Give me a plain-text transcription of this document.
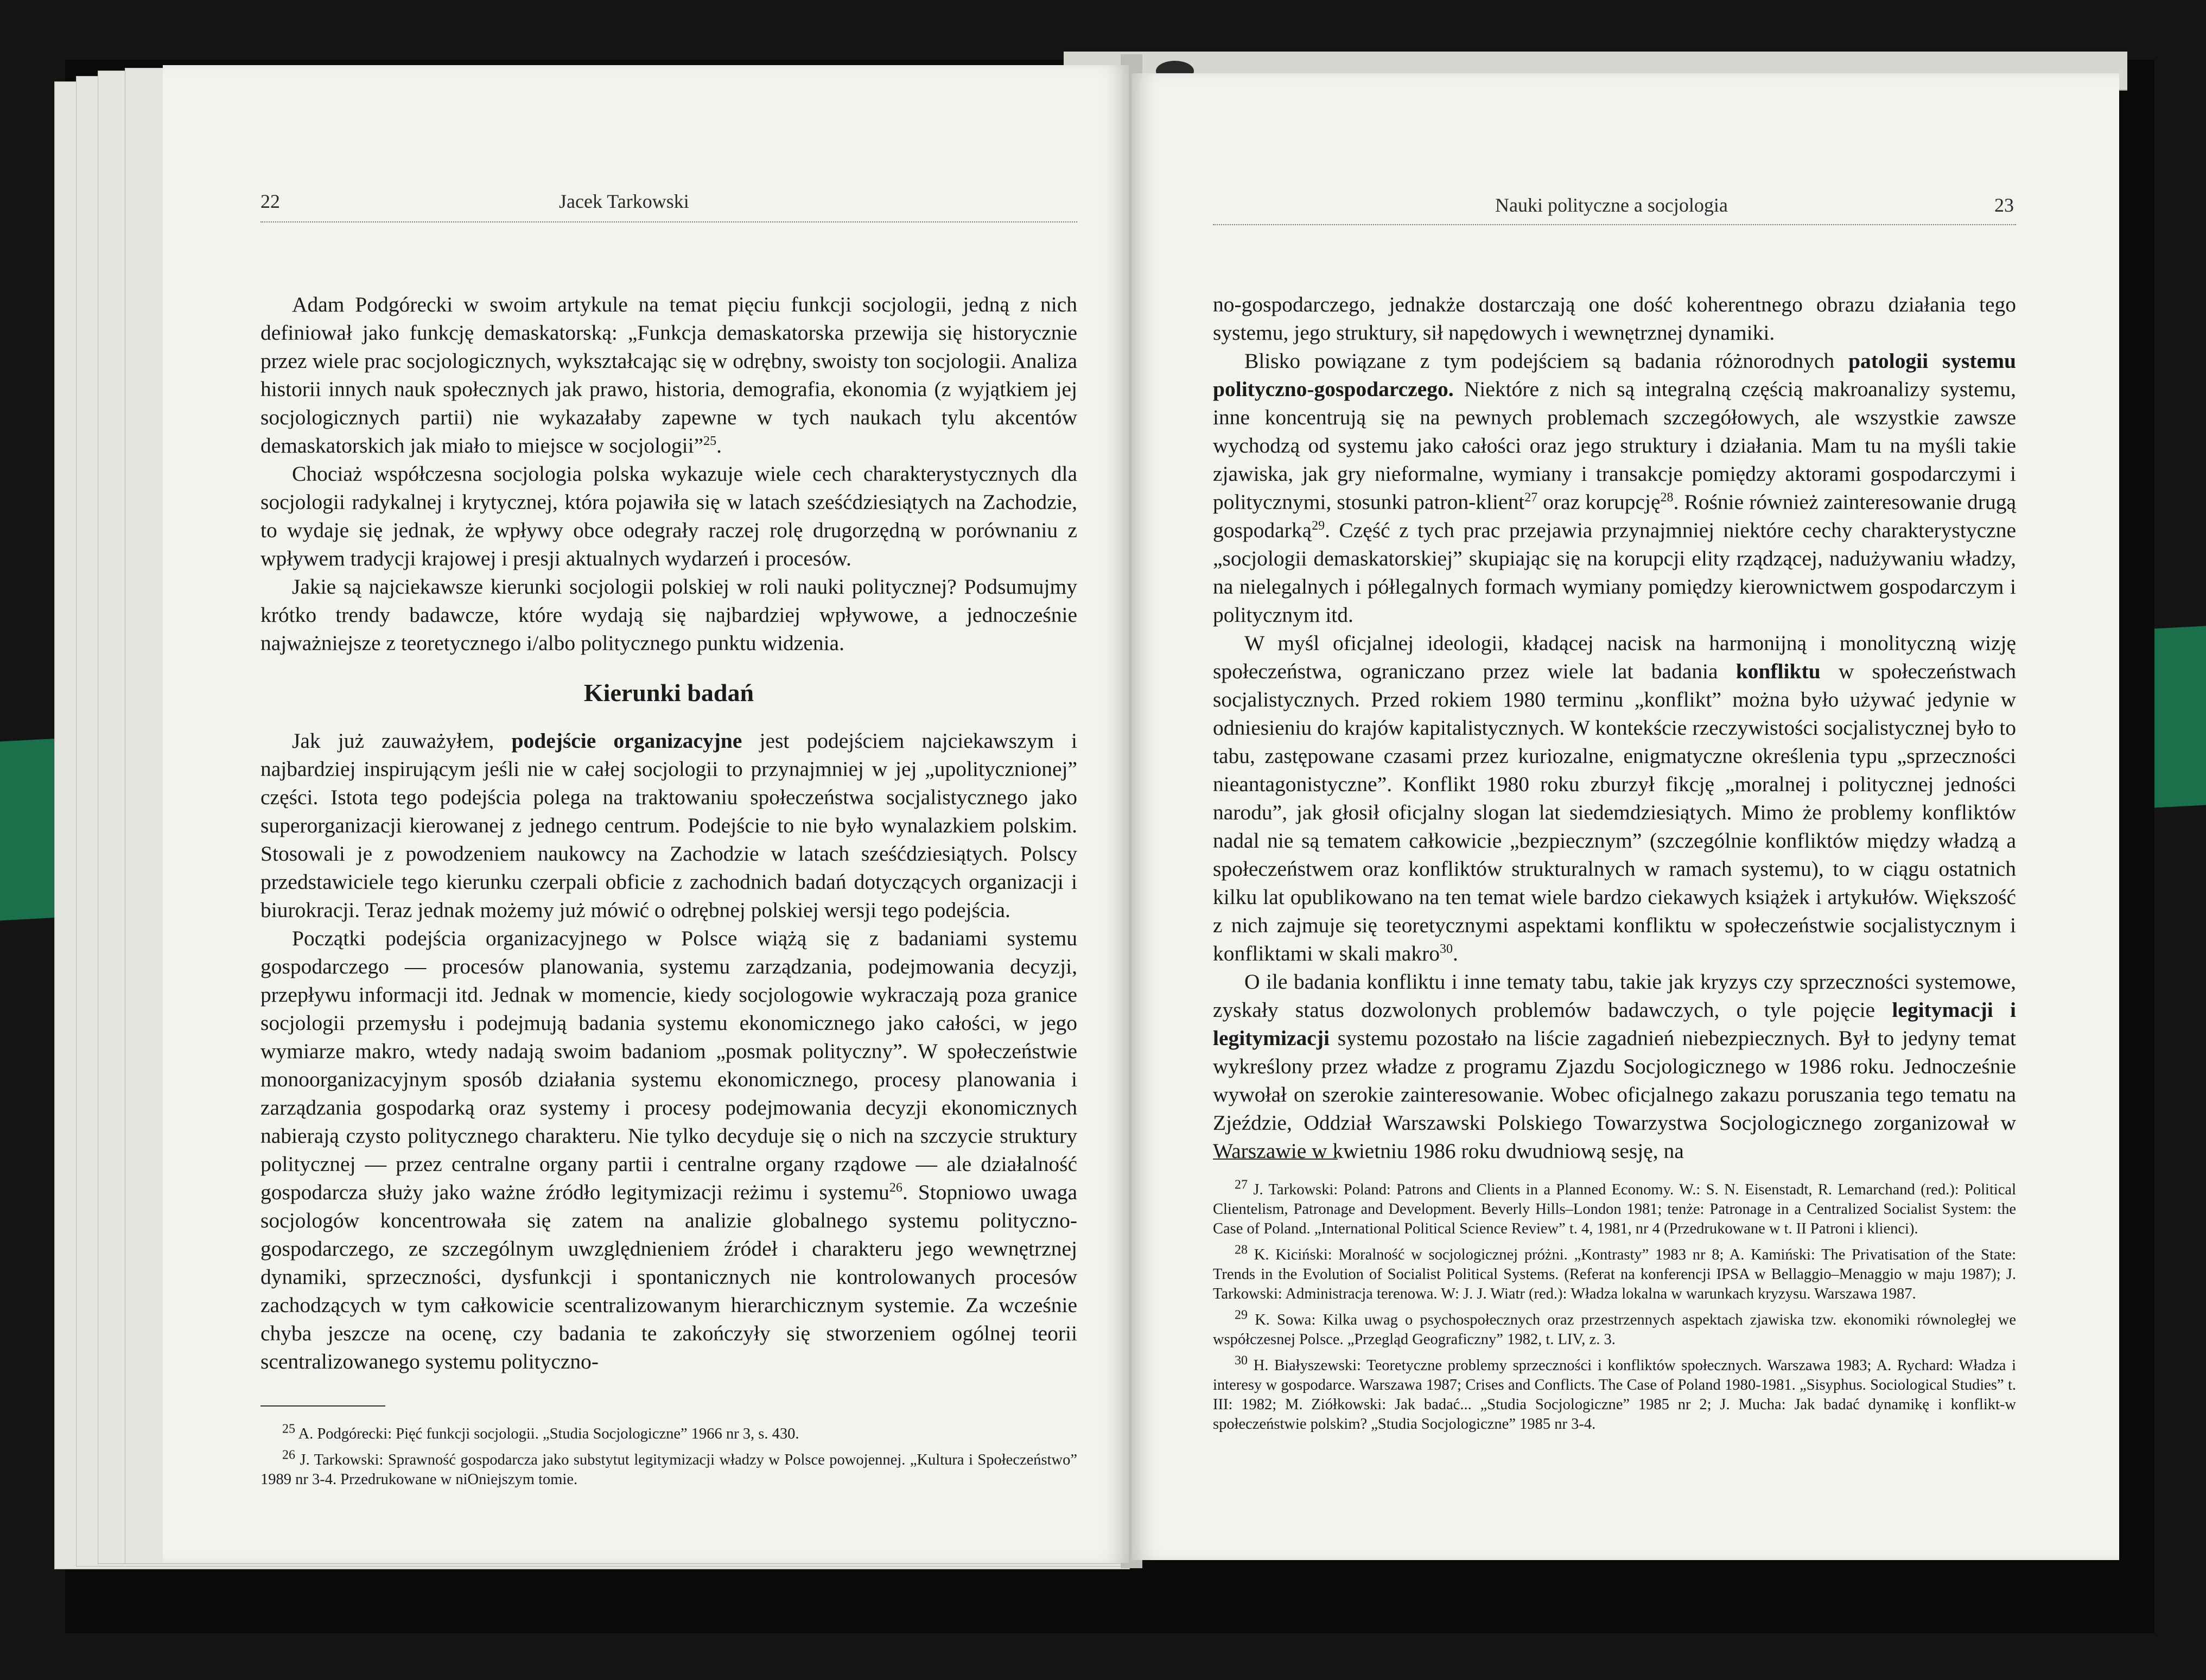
22	Jacek Tarkowski

Adam Podgórecki w swoim artykule na temat pięciu funkcji socjologii, jedną z nich definiował jako funkcję demaskatorską: „Funkcja demaskatorska przewija się historycznie przez wiele prac socjologicznych, wykształcając się w odrębny, swoisty ton socjologii. Analiza historii innych nauk społecznych jak prawo, historia, demografia, ekonomia (z wyjątkiem jej socjologicznych partii) nie wykazałaby zapewne w tych naukach tylu akcentów demaskatorskich jak miało to miejsce w socjologii”$^{25}$.

Chociaż współczesna socjologia polska wykazuje wiele cech charakterystycznych dla socjologii radykalnej i krytycznej, która pojawiła się w latach sześćdziesiątych na Zachodzie, to wydaje się jednak, że wpływy obce odegrały raczej rolę drugorzędną w porównaniu z wpływem tradycji krajowej i presji aktualnych wydarzeń i procesów.

Jakie są najciekawsze kierunki socjologii polskiej w roli nauki politycznej? Podsumujmy krótko trendy badawcze, które wydają się najbardziej wpływowe, a jednocześnie najważniejsze z teoretycznego i/albo politycznego punktu widzenia.

Kierunki badań

Jak już zauważyłem, podejście organizacyjne jest podejściem najciekawszym i najbardziej inspirującym jeśli nie w całej socjologii to przynajmniej w jej „upolitycznionej” części. Istota tego podejścia polega na traktowaniu społeczeństwa socjalistycznego jako superorganizacji kierowanej z jednego centrum. Podejście to nie było wynalazkiem polskim. Stosowali je z powodzeniem naukowcy na Zachodzie w latach sześćdziesiątych. Polscy przedstawiciele tego kierunku czerpali obficie z zachodnich badań dotyczących organizacji i biurokracji. Teraz jednak możemy już mówić o odrębnej polskiej wersji tego podejścia.

Początki podejścia organizacyjnego w Polsce wiążą się z badaniami systemu gospodarczego — procesów planowania, systemu zarządzania, podejmowania decyzji, przepływu informacji itd. Jednak w momencie, kiedy socjologowie wykraczają poza granice socjologii przemysłu i podejmują badania systemu ekonomicznego jako całości, w jego wymiarze makro, wtedy nadają swoim badaniom „posmak polityczny”. W społeczeństwie monoorganizacyjnym sposób działania systemu ekonomicznego, procesy planowania i zarządzania gospodarką oraz systemy i procesy podejmowania decyzji ekonomicznych nabierają czysto politycznego charakteru. Nie tylko decyduje się o nich na szczycie struktury politycznej — przez centralne organy partii i centralne organy rządowe — ale działalność gospodarcza służy jako ważne źródło legitymizacji reżimu i systemu$^{26}$. Stopniowo uwaga socjologów koncentrowała się zatem na analizie globalnego systemu polityczno-gospodarczego, ze szczególnym uwzględnieniem źródeł i charakteru jego wewnętrznej dynamiki, sprzeczności, dysfunkcji i spontanicznych nie kontrolowanych procesów zachodzących w tym całkowicie scentralizowanym hierarchicznym systemie. Za wcześnie chyba jeszcze na ocenę, czy badania te zakończyły się stworzeniem ogólnej teorii scentralizowanego systemu polityczno-

$^{25}$ A. Podgórecki: Pięć funkcji socjologii. „Studia Socjologiczne” 1966 nr 3, s. 430.

$^{26}$ J. Tarkowski: Sprawność gospodarcza jako substytut legitymizacji władzy w Polsce powojennej. „Kultura i Społeczeństwo” 1989 nr 3-4. Przedrukowane w niOniejszym tomie.

Nauki polityczne a socjologia	23

no-gospodarczego, jednakże dostarczają one dość koherentnego obrazu działania tego systemu, jego struktury, sił napędowych i wewnętrznej dynamiki.

Blisko powiązane z tym podejściem są badania różnorodnych patologii systemu polityczno-gospodarczego. Niektóre z nich są integralną częścią makroanalizy systemu, inne koncentrują się na pewnych problemach szczegółowych, ale wszystkie zawsze wychodzą od systemu jako całości oraz jego struktury i działania. Mam tu na myśli takie zjawiska, jak gry nieformalne, wymiany i transakcje pomiędzy aktorami gospodarczymi i politycznymi, stosunki patron-klient$^{27}$ oraz korupcję$^{28}$. Rośnie również zainteresowanie drugą gospodarką$^{29}$. Część z tych prac przejawia przynajmniej niektóre cechy charakterystyczne „socjologii demaskatorskiej” skupiając się na korupcji elity rządzącej, nadużywaniu władzy, na nielegalnych i półlegalnych formach wymiany pomiędzy kierownictwem gospodarczym i politycznym itd.

W myśl oficjalnej ideologii, kładącej nacisk na harmonijną i monolityczną wizję społeczeństwa, ograniczano przez wiele lat badania konfliktu w społeczeństwach socjalistycznych. Przed rokiem 1980 terminu „konflikt” można było używać jedynie w odniesieniu do krajów kapitalistycznych. W kontekście rzeczywistości socjalistycznej było to tabu, zastępowane czasami przez kuriozalne, enigmatyczne określenia typu „sprzeczności nieantagonistyczne”. Konflikt 1980 roku zburzył fikcję „moralnej i politycznej jedności narodu”, jak głosił oficjalny slogan lat siedemdziesiątych. Mimo że problemy konfliktów nadal nie są tematem całkowicie „bezpiecznym” (szczególnie konfliktów między władzą a społeczeństwem oraz konfliktów strukturalnych w ramach systemu), to w ciągu ostatnich kilku lat opublikowano na ten temat wiele bardzo ciekawych książek i artykułów. Większość z nich zajmuje się teoretycznymi aspektami konfliktu w społeczeństwie socjalistycznym i konfliktami w skali makro$^{30}$.

O ile badania konfliktu i inne tematy tabu, takie jak kryzys czy sprzeczności systemowe, zyskały status dozwolonych problemów badawczych, o tyle pojęcie legitymacji i legitymizacji systemu pozostało na liście zagadnień niebezpiecznych. Był to jedyny temat wykreślony przez władze z programu Zjazdu Socjologicznego w 1986 roku. Jednocześnie wywołał on szerokie zainteresowanie. Wobec oficjalnego zakazu poruszania tego tematu na Zjeździe, Oddział Warszawski Polskiego Towarzystwa Socjologicznego zorganizował w Warszawie w kwietniu 1986 roku dwudniową sesję, na

$^{27}$ J. Tarkowski: Poland: Patrons and Clients in a Planned Economy. W.: S. N. Eisenstadt, R. Lemarchand (red.): Political Clientelism, Patronage and Development. Beverly Hills–London 1981; tenże: Patronage in a Centralized Socialist System: the Case of Poland. „International Political Science Review” t. 4, 1981, nr 4 (Przedrukowane w t. II Patroni i klienci).

$^{28}$ K. Kiciński: Moralność w socjologicznej próżni. „Kontrasty” 1983 nr 8; A. Kamiński: The Privatisation of the State: Trends in the Evolution of Socialist Political Systems. (Referat na konferencji IPSA w Bellaggio–Menaggio w maju 1987); J. Tarkowski: Administracja terenowa. W: J. J. Wiatr (red.): Władza lokalna w warunkach kryzysu. Warszawa 1987.

$^{29}$ K. Sowa: Kilka uwag o psychospołecznych oraz przestrzennych aspektach zjawiska tzw. ekonomiki równoległej we współczesnej Polsce. „Przegląd Geograficzny” 1982, t. LIV, z. 3.

$^{30}$ H. Białyszewski: Teoretyczne problemy sprzeczności i konfliktów społecznych. Warszawa 1983; A. Rychard: Władza i interesy w gospodarce. Warszawa 1987; Crises and Conflicts. The Case of Poland 1980-1981. „Sisyphus. Sociological Studies” t. III: 1982; M. Ziółkowski: Jak badać... „Studia Socjologiczne” 1985 nr 2; J. Mucha: Jak badać dynamikę i konflikt-w społeczeństwie polskim? „Studia Socjologiczne” 1985 nr 3-4.
